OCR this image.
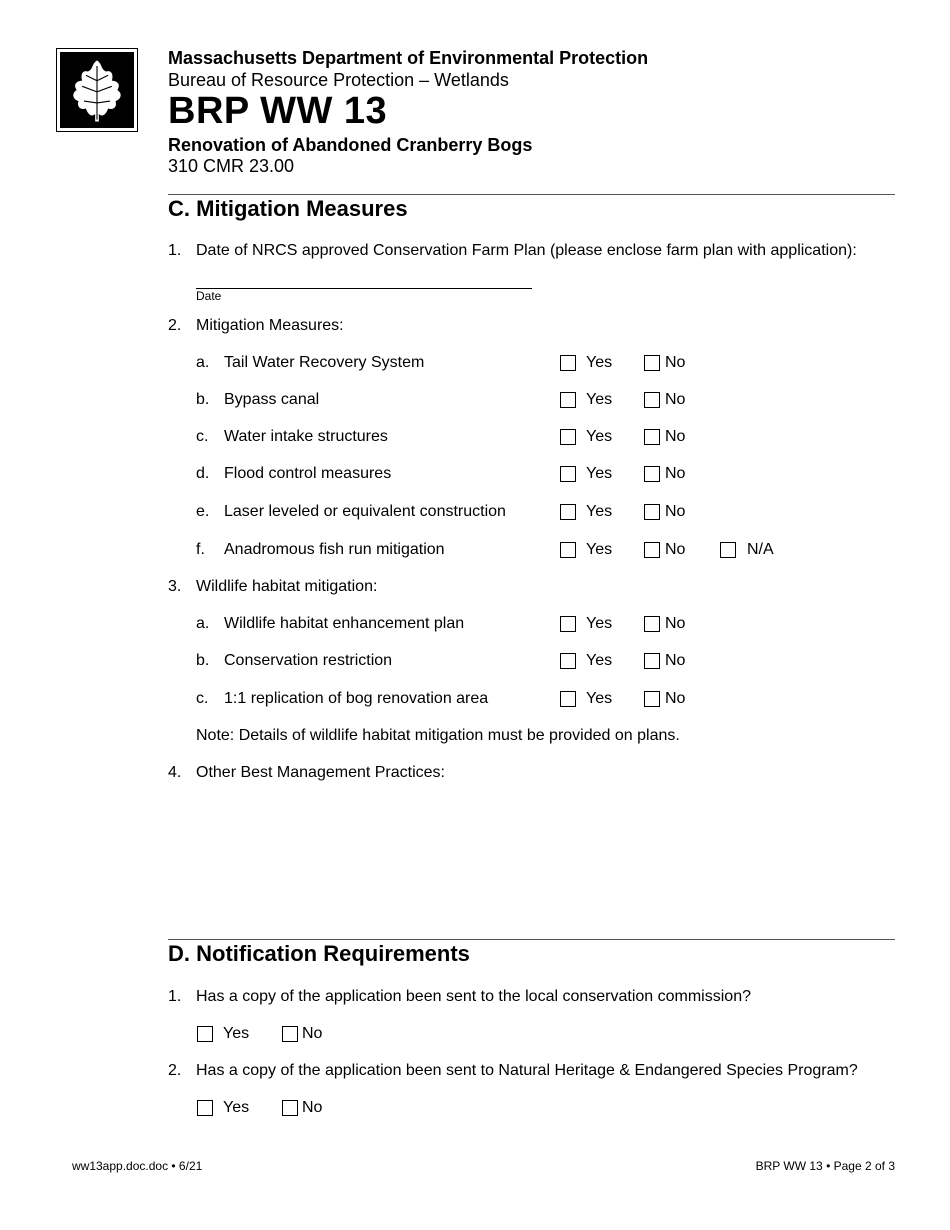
Massachusetts Department of Environmental Protection
Bureau of Resource Protection – Wetlands
BRP WW 13
Renovation of Abandoned Cranberry Bogs
310 CMR 23.00
C. Mitigation Measures
1. Date of NRCS approved Conservation Farm Plan (please enclose farm plan with application):
Date
2. Mitigation Measures:
a. Tail Water Recovery System	Yes	No
b. Bypass canal	Yes	No
c. Water intake structures	Yes	No
d. Flood control measures	Yes	No
e. Laser leveled or equivalent construction	Yes	No
f. Anadromous fish run mitigation	Yes	No	N/A
3. Wildlife habitat mitigation:
a. Wildlife habitat enhancement plan	Yes	No
b. Conservation restriction	Yes	No
c. 1:1 replication of bog renovation area	Yes	No
Note: Details of wildlife habitat mitigation must be provided on plans.
4. Other Best Management Practices:
D. Notification Requirements
1. Has a copy of the application been sent to the local conservation commission?
Yes	No
2. Has a copy of the application been sent to Natural Heritage & Endangered Species Program?
Yes	No
ww13app.doc.doc • 6/21	BRP WW 13 • Page 2 of 3
